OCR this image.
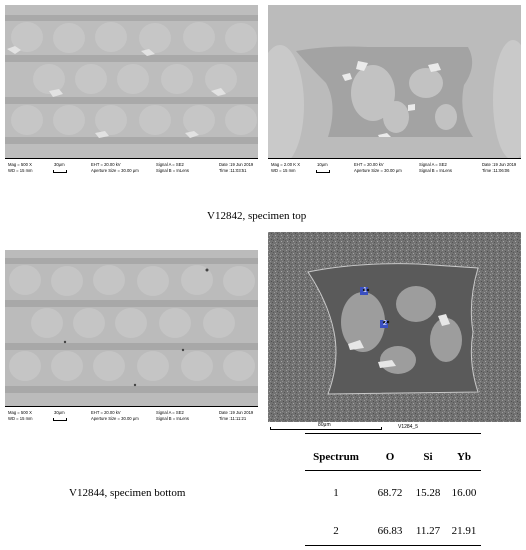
Mag = 500 X
WD = 15 mm
30μm	EHT = 20.00 kV
Aperture Size = 30.00 μm
Signal A = SE2
Signal B = InLens
Date :19 Jun 2019
Time :11:03:51
Mag = 2.00 K X
WD = 15 mm
10μm	EHT = 20.00 kV
Aperture Size = 30.00 μm
Signal A = SE2
Signal B = InLens
Date :19 Jun 2019
Time :11:06:06
V12842, specimen top
Mag = 500 X
WD = 15 mm
30μm	EHT = 20.00 kV
Aperture Size = 30.00 μm
Signal A = SE2
Signal B = InLens
Date :19 Jun 2019
Time :11:11:21
1
2
80μm	V1284_5
V12844, specimen bottom
Spectrum	O	Si	Yb
1	68.72 15.28 16.00
2	66.83 11.27 21.91
